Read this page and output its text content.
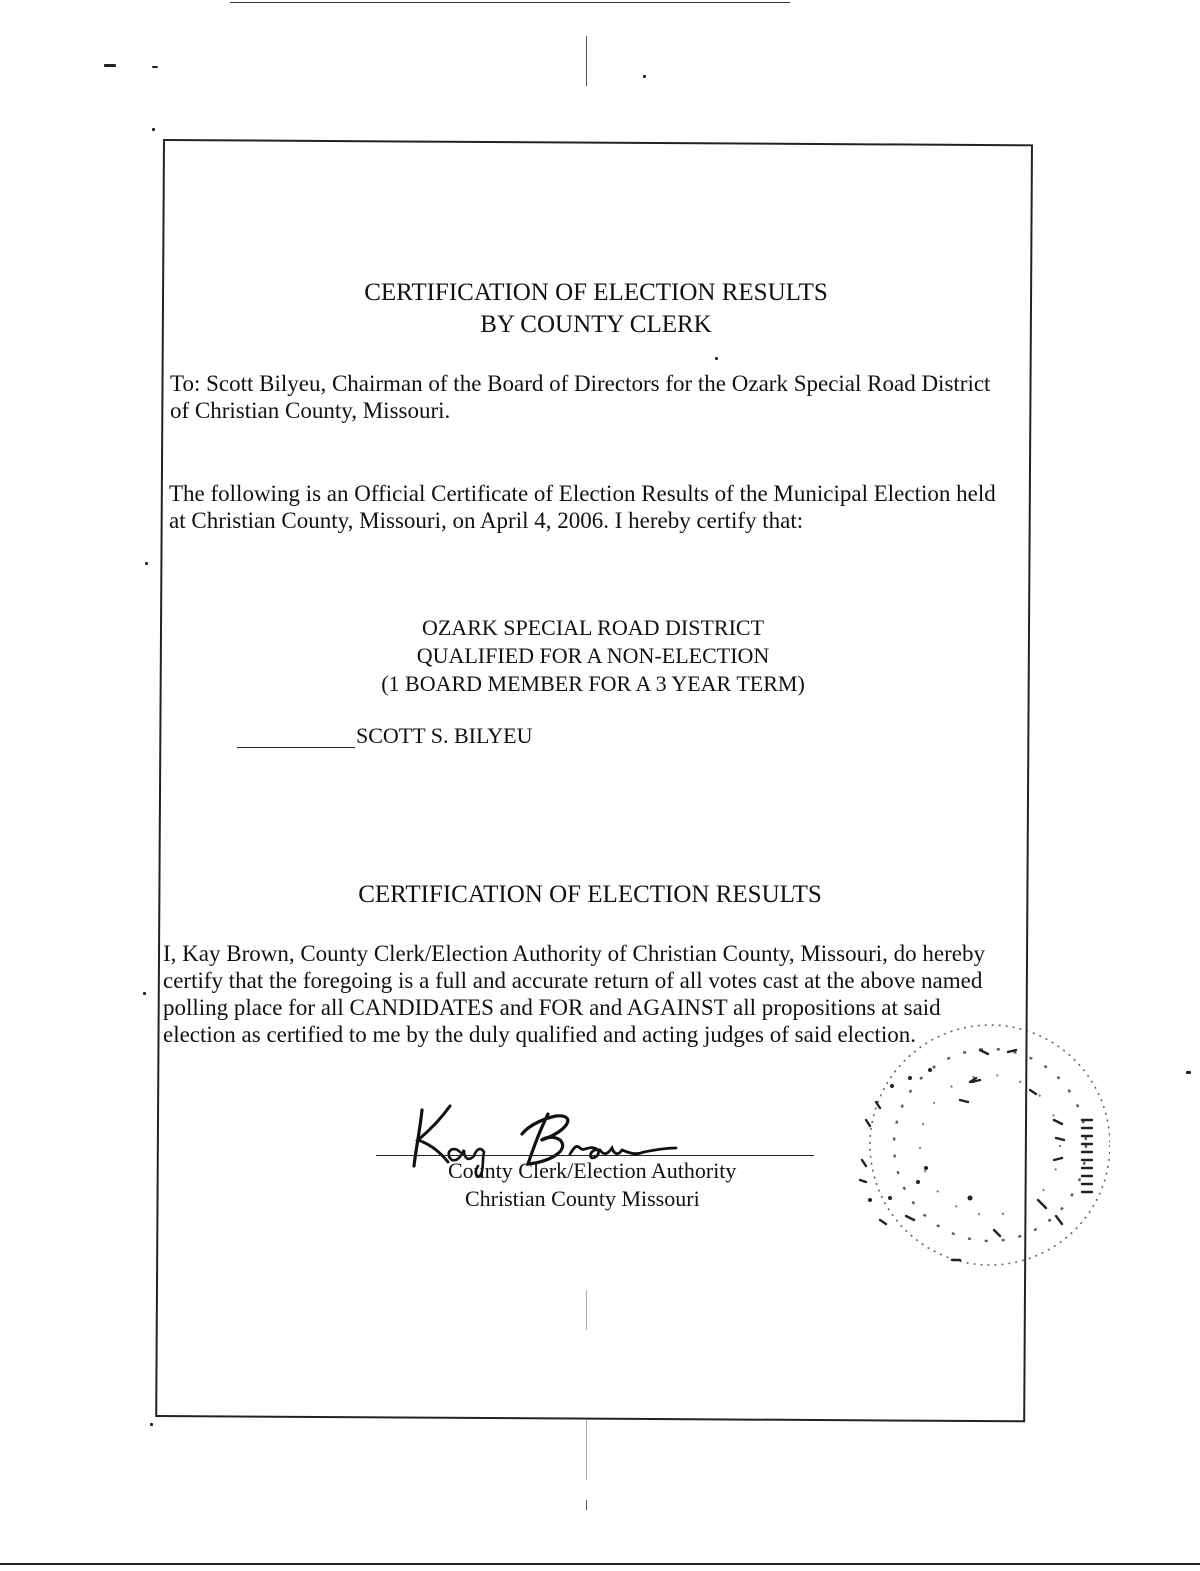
CERTIFICATION OF ELECTION RESULTS
BY COUNTY CLERK
To: Scott Bilyeu, Chairman of the Board of Directors for the Ozark Special Road District
of Christian County, Missouri.
The following is an Official Certificate of Election Results of the Municipal Election held
at Christian County, Missouri, on April 4, 2006. I hereby certify that:
OZARK SPECIAL ROAD DISTRICT
QUALIFIED FOR A NON-ELECTION
(1 BOARD MEMBER FOR A 3 YEAR TERM)
SCOTT S. BILYEU
CERTIFICATION OF ELECTION RESULTS
I, Kay Brown, County Clerk/Election Authority of Christian County, Missouri, do hereby
certify that the foregoing is a full and accurate return of all votes cast at the above named
polling place for all CANDIDATES and FOR and AGAINST all propositions at said
election as certified to me by the duly qualified and acting judges of said election.
County Clerk/Election Authority
Christian County Missouri
